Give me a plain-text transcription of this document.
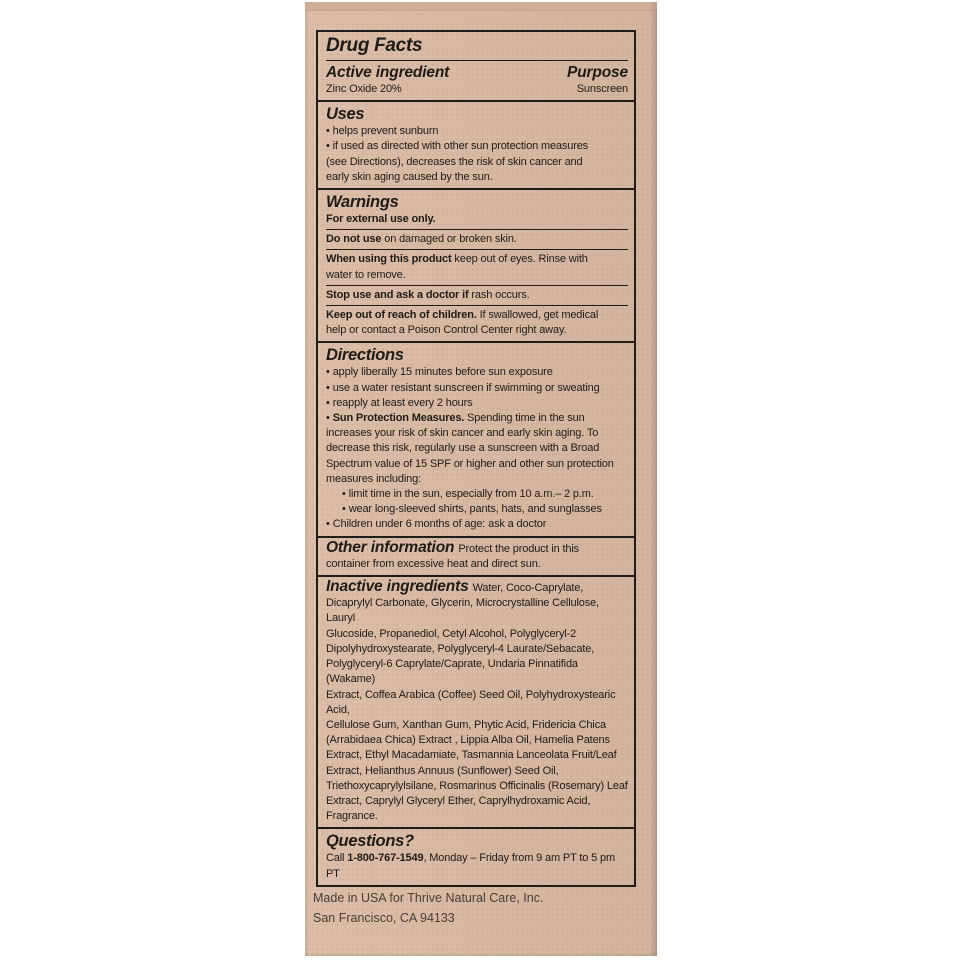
Drug Facts
Active ingredient	Purpose
Zinc Oxide 20%	Sunscreen
Uses
• helps prevent sunburn
• if used as directed with other sun protection measures
(see Directions), decreases the risk of skin cancer and
early skin aging caused by the sun.
Warnings
For external use only.
Do not use on damaged or broken skin.
When using this product keep out of eyes. Rinse with
water to remove.
Stop use and ask a doctor if rash occurs.
Keep out of reach of children. If swallowed, get medical
help or contact a Poison Control Center right away.
Directions
• apply liberally 15 minutes before sun exposure
• use a water resistant sunscreen if swimming or sweating
• reapply at least every 2 hours
• Sun Protection Measures. Spending time in the sun
increases your risk of skin cancer and early skin aging. To
decrease this risk, regularly use a sunscreen with a Broad
Spectrum value of 15 SPF or higher and other sun protection
measures including:
• limit time in the sun, especially from 10 a.m.– 2 p.m.
• wear long-sleeved shirts, pants, hats, and sunglasses
• Children under 6 months of age: ask a doctor
Other information Protect the product in this
container from excessive heat and direct sun.
Inactive ingredients Water, Coco-Caprylate,
Dicaprylyl Carbonate, Glycerin, Microcrystalline Cellulose, Lauryl
Glucoside, Propanediol, Cetyl Alcohol, Polyglyceryl-2
Dipolyhydroxystearate, Polyglyceryl-4 Laurate/Sebacate,
Polyglyceryl-6 Caprylate/Caprate, Undaria Pinnatifida (Wakame)
Extract, Coffea Arabica (Coffee) Seed Oil, Polyhydroxystearic Acid,
Cellulose Gum, Xanthan Gum, Phytic Acid, Fridericia Chica
(Arrabidaea Chica) Extract , Lippia Alba Oil, Hamelia Patens
Extract, Ethyl Macadamiate, Tasmannia Lanceolata Fruit/Leaf
Extract, Helianthus Annuus (Sunflower) Seed Oil,
Triethoxycaprylylsilane, Rosmarinus Officinalis (Rosemary) Leaf
Extract, Caprylyl Glyceryl Ether, Caprylhydroxamic Acid, Fragrance.
Questions?
Call 1-800-767-1549, Monday – Friday from 9 am PT to 5 pm PT
Made in USA for Thrive Natural Care, Inc.
San Francisco, CA 94133
